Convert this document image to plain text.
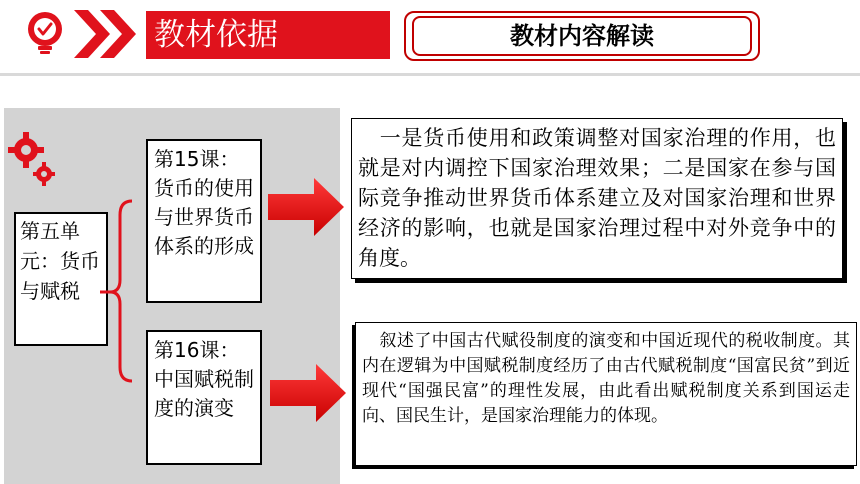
教材依据	教材内容解读
第五单元：货币与赋税
第15课：货币的使用与世界货币体系的形成
第16课：中国赋税制度的演变
　一是货币使用和政策调整对国家治理的作用，也就是对内调控下国家治理效果；二是国家在参与国际竞争推动世界货币体系建立及对国家治理和世界经济的影响，也就是国家治理过程中对外竞争中的角度。
　叙述了中国古代赋役制度的演变和中国近现代的税收制度。其内在逻辑为中国赋税制度经历了由古代赋税制度“国富民贫”到近现代“国强民富”的理性发展，由此看出赋税制度关系到国运走向、国民生计，是国家治理能力的体现。
